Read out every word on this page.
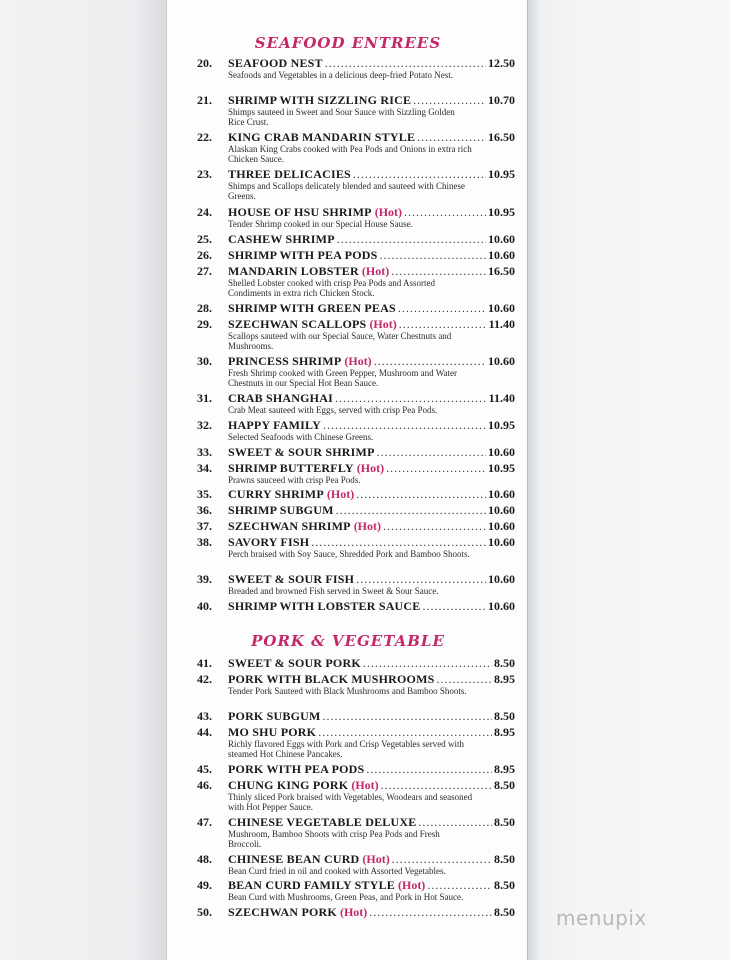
SEAFOOD ENTREES
20.	SEAFOOD NEST .....	12.50
Seafoods and Vegetables in a delicious deep-fried Potato Nest.
21.	SHRIMP WITH SIZZLING RICE .....	10.70
Shimps sauteed in Sweet and Sour Sauce with Sizzling Golden Rice Crust.
22.	KING CRAB MANDARIN STYLE .....	16.50
Alaskan King Crabs cooked with Pea Pods and Onions in extra rich Chicken Sauce.
23.	THREE DELICACIES .....	10.95
Shimps and Scallops delicately blended and sauteed with Chinese Greens.
24.	HOUSE OF HSU SHRIMP (Hot) .....	10.95
Tender Shrimp cooked in our Special House Sause.
25.	CASHEW SHRIMP .....	10.60
26.	SHRIMP WITH PEA PODS .....	10.60
27.	MANDARIN LOBSTER (Hot) .....	16.50
Shelled Lobster cooked with crisp Pea Pods and Assorted Condiments in extra rich Chicken Stock.
28.	SHRIMP WITH GREEN PEAS .....	10.60
29.	SZECHWAN SCALLOPS (Hot) .....	11.40
Scallops sauteed with our Special Sauce, Water Chestnuts and Mushrooms.
30.	PRINCESS SHRIMP (Hot) .....	10.60
Fresh Shrimp cooked with Green Pepper, Mushroom and Water Chestnuts in our Special Hot Bean Sauce.
31.	CRAB SHANGHAI .....	11.40
Crab Meat sauteed with Eggs, served with crisp Pea Pods.
32.	HAPPY FAMILY .....	10.95
Selected Seafoods with Chinese Greens.
33.	SWEET & SOUR SHRIMP .....	10.60
34.	SHRIMP BUTTERFLY (Hot) .....	10.95
Prawns sauceed with crisp Pea Pods.
35.	CURRY SHRIMP (Hot) .....	10.60
36.	SHRIMP SUBGUM .....	10.60
37.	SZECHWAN SHRIMP (Hot) .....	10.60
38.	SAVORY FISH .....	10.60
Perch braised with Soy Sauce, Shredded Pork and Bamboo Shoots.
39.	SWEET & SOUR FISH .....	10.60
Breaded and browned Fish served in Sweet & Sour Sauce.
40.	SHRIMP WITH LOBSTER SAUCE .....	10.60
PORK & VEGETABLE
41.	SWEET & SOUR PORK .....	8.50
42.	PORK WITH BLACK MUSHROOMS .....	8.95
Tender Pork Sauteed with Black Mushrooms and Bamboo Shoots.
43.	PORK SUBGUM .....	8.50
44.	MO SHU PORK .....	8.95
Richly flavored Eggs with Pork and Crisp Vegetables served with steamed Hot Chinese Pancakes.
45.	PORK WITH PEA PODS .....	8.95
46.	CHUNG KING PORK (Hot) .....	8.50
Thinly sliced Pork braised with Vegetables, Woodears and seasoned with Hot Pepper Sauce.
47.	CHINESE VEGETABLE DELUXE .....	8.50
Mushroom, Bamboo Shoots with crisp Pea Pods and Fresh Broccoli.
48.	CHINESE BEAN CURD (Hot) .....	8.50
Bean Curd fried in oil and cooked with Assorted Vegetables.
49.	BEAN CURD FAMILY STYLE (Hot) .....	8.50
Bean Curd with Mushrooms, Green Peas, and Pork in Hot Sauce.
50.	SZECHWAN PORK (Hot) .....	8.50 menupix
